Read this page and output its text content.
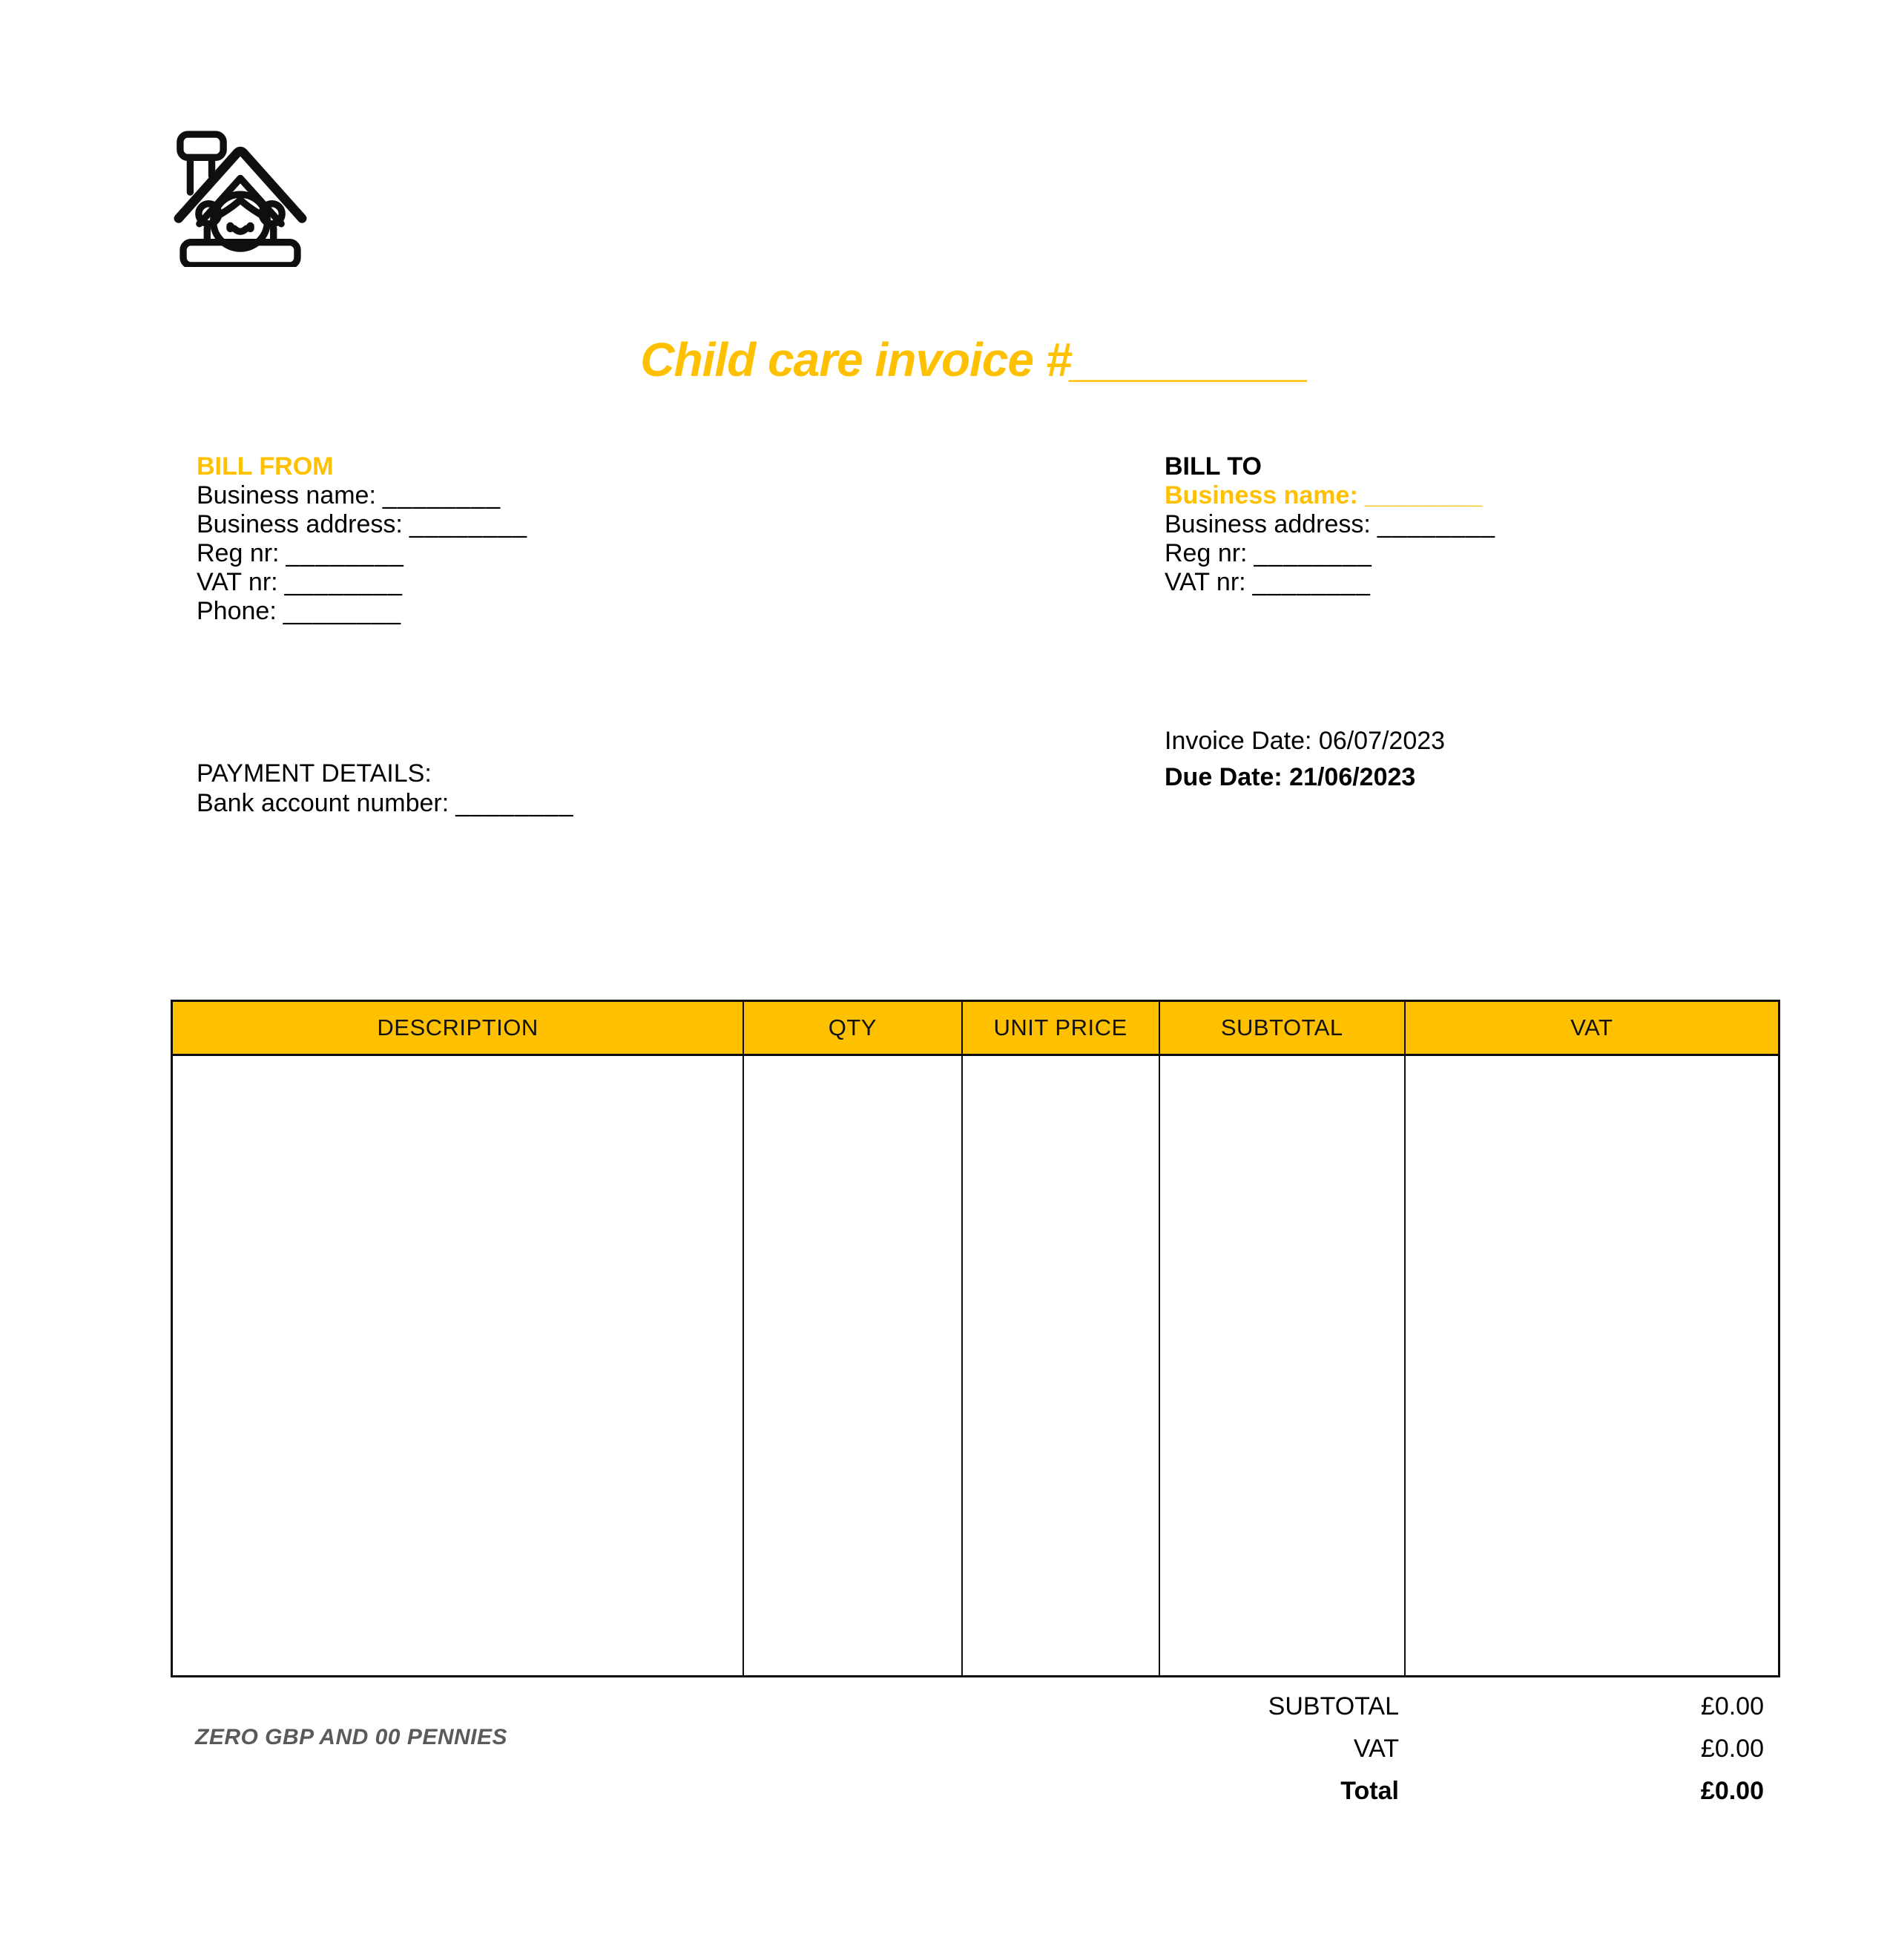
Child care invoice #_________
BILL FROM
Business name: ________
Business address: ________
Reg nr: ________
VAT nr: ________
Phone: ________
BILL TO
Business name: ________
Business address: ________
Reg nr: ________
VAT nr: ________
Invoice Date: 06/07/2023
Due Date: 21/06/2023
PAYMENT DETAILS:
Bank account number: ________
DESCRIPTION	QTY	UNIT PRICE	SUBTOTAL	VAT
SUBTOTAL	£0.00
VAT	£0.00
Total	£0.00
ZERO GBP AND 00 PENNIES
